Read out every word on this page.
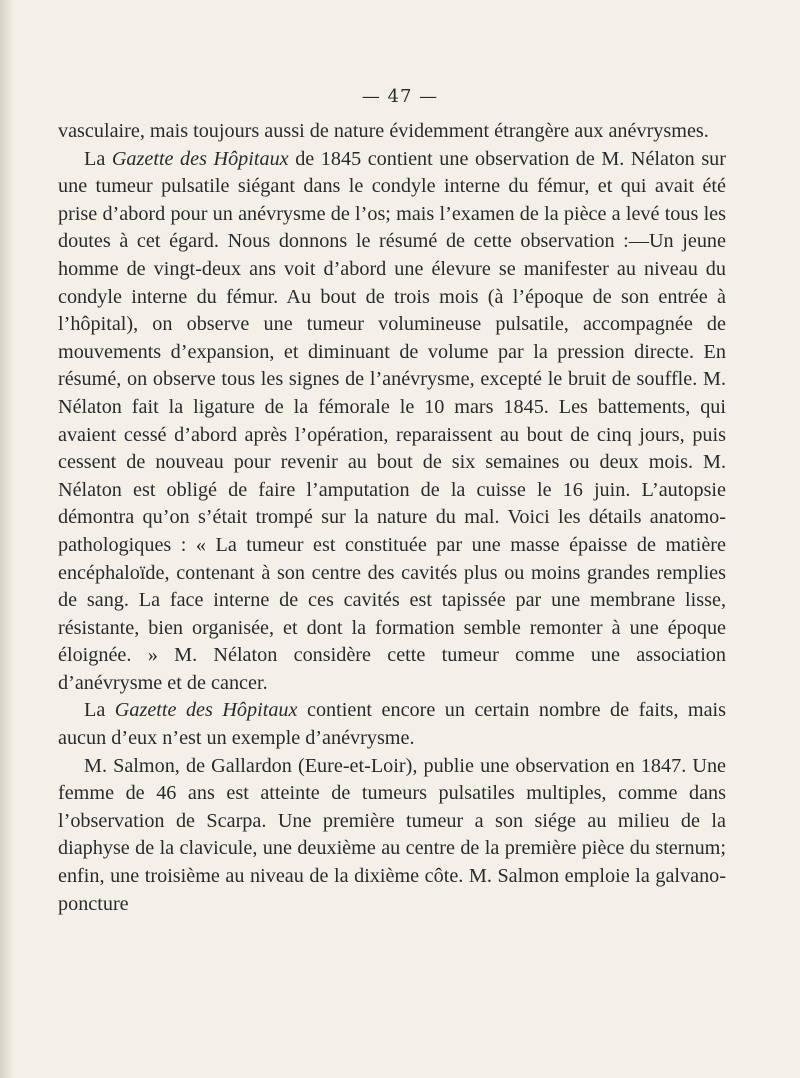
— 47 —

vasculaire, mais toujours aussi de nature évidemment étrangère aux anévrysmes.

La Gazette des Hôpitaux de 1845 contient une observation de M. Nélaton sur une tumeur pulsatile siégant dans le condyle interne du fémur, et qui avait été prise d’abord pour un anévrysme de l’os; mais l’examen de la pièce a levé tous les doutes à cet égard. Nous donnons le résumé de cette observation :—Un jeune homme de vingt-deux ans voit d’abord une élevure se manifester au niveau du condyle interne du fémur. Au bout de trois mois (à l’époque de son entrée à l’hôpital), on observe une tumeur volumineuse pulsatile, accompagnée de mouvements d’expansion, et diminuant de volume par la pression directe. En résumé, on observe tous les signes de l’anévrysme, excepté le bruit de souffle. M. Nélaton fait la ligature de la fémorale le 10 mars 1845. Les battements, qui avaient cessé d’abord après l’opération, reparaissent au bout de cinq jours, puis cessent de nouveau pour revenir au bout de six semaines ou deux mois. M. Nélaton est obligé de faire l’amputation de la cuisse le 16 juin. L’autopsie démontra qu’on s’était trompé sur la nature du mal. Voici les détails anatomo-pathologiques : « La tumeur est constituée par une masse épaisse de matière encéphaloïde, contenant à son centre des cavités plus ou moins grandes remplies de sang. La face interne de ces cavités est tapissée par une membrane lisse, résistante, bien organisée, et dont la formation semble remonter à une époque éloignée. » M. Nélaton considère cette tumeur comme une association d’anévrysme et de cancer.

La Gazette des Hôpitaux contient encore un certain nombre de faits, mais aucun d’eux n’est un exemple d’anévrysme.

M. Salmon, de Gallardon (Eure-et-Loir), publie une observation en 1847. Une femme de 46 ans est atteinte de tumeurs pulsatiles multiples, comme dans l’observation de Scarpa. Une première tumeur a son siége au milieu de la diaphyse de la clavicule, une deuxième au centre de la première pièce du sternum; enfin, une troisième au niveau de la dixième côte. M. Salmon emploie la galvano-poncture
